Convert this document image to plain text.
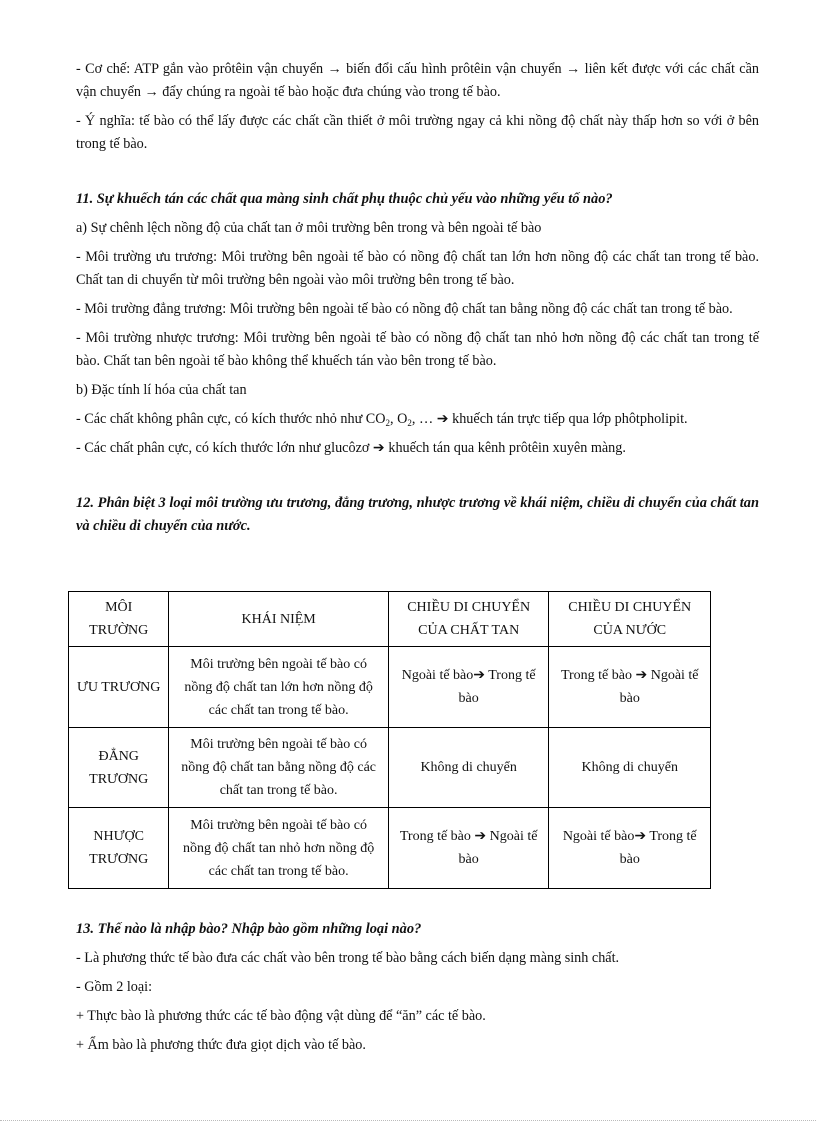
- Cơ chế: ATP gắn vào prôtêin vận chuyển → biến đổi cấu hình prôtêin vận chuyển → liên kết được với các chất cần vận chuyển → đẩy chúng ra ngoài tế bào hoặc đưa chúng vào trong tế bào.

- Ý nghĩa: tế bào có thể lấy được các chất cần thiết ở môi trường ngay cả khi nồng độ chất này thấp hơn so với ở bên trong tế bào.

11. Sự khuếch tán các chất qua màng sinh chất phụ thuộc chủ yếu vào những yếu tố nào?

a) Sự chênh lệch nồng độ của chất tan ở môi trường bên trong và bên ngoài tế bào

- Môi trường ưu trương: Môi trường bên ngoài tế bào có nồng độ chất tan lớn hơn nồng độ các chất tan trong tế bào. Chất tan di chuyển từ môi trường bên ngoài vào môi trường bên trong tế bào.

- Môi trường đẳng trương: Môi trường bên ngoài tế bào có nồng độ chất tan bằng nồng độ các chất tan trong tế bào.

- Môi trường nhược trương: Môi trường bên ngoài tế bào có nồng độ chất tan nhỏ hơn nồng độ các chất tan trong tế bào. Chất tan bên ngoài tế bào không thể khuếch tán vào bên trong tế bào.

b) Đặc tính lí hóa của chất tan

- Các chất không phân cực, có kích thước nhỏ như $CO_2$, $O_2$, … ➔ khuếch tán trực tiếp qua lớp phôtpholipit.

- Các chất phân cực, có kích thước lớn như glucôzơ ➔ khuếch tán qua kênh prôtêin xuyên màng.

12. Phân biệt 3 loại môi trường ưu trương, đẳng trương, nhược trương về khái niệm, chiều di chuyển của chất tan và chiều di chuyển của nước.

MÔI TRƯỜNG	KHÁI NIỆM	CHIỀU DI CHUYỂN CỦA CHẤT TAN	CHIỀU DI CHUYỂN CỦA NƯỚC
ƯU TRƯƠNG	Môi trường bên ngoài tế bào có nồng độ chất tan lớn hơn nồng độ các chất tan trong tế bào.	Ngoài tế bào➔ Trong tế bào	Trong tế bào ➔ Ngoài tế bào
ĐẲNG TRƯƠNG	Môi trường bên ngoài tế bào có nồng độ chất tan bằng nồng độ các chất tan trong tế bào.	Không di chuyển	Không di chuyển
NHƯỢC TRƯƠNG	Môi trường bên ngoài tế bào có nồng độ chất tan nhỏ hơn nồng độ các chất tan trong tế bào.	Trong tế bào ➔ Ngoài tế bào	Ngoài tế bào➔ Trong tế bào

13. Thế nào là nhập bào? Nhập bào gồm những loại nào?

- Là phương thức tế bào đưa các chất vào bên trong tế bào bằng cách biến dạng màng sinh chất.

- Gồm 2 loại:

+ Thực bào là phương thức các tế bào động vật dùng để “ăn” các tế bào.

+ Ẩm bào là phương thức đưa giọt dịch vào tế bào.
